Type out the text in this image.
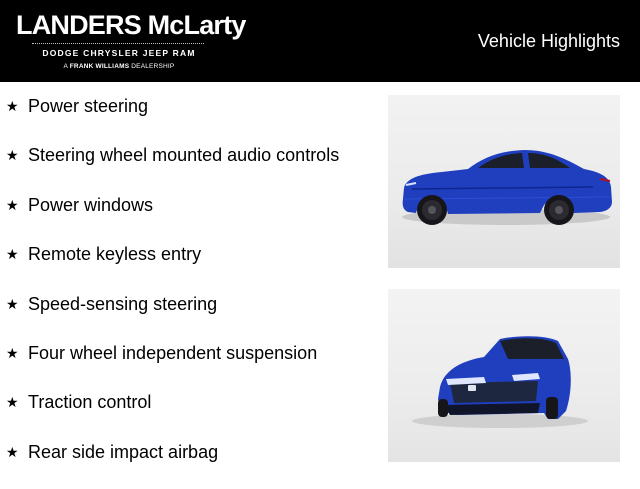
LANDERS McLarty
DODGE CHRYSLER JEEP RAM
A FRANK WILLIAMS DEALERSHIP
Vehicle Highlights
★ Power steering
★ Steering wheel mounted audio controls
★ Power windows
★ Remote keyless entry
★ Speed-sensing steering
★ Four wheel independent suspension
★ Traction control
★ Rear side impact airbag
